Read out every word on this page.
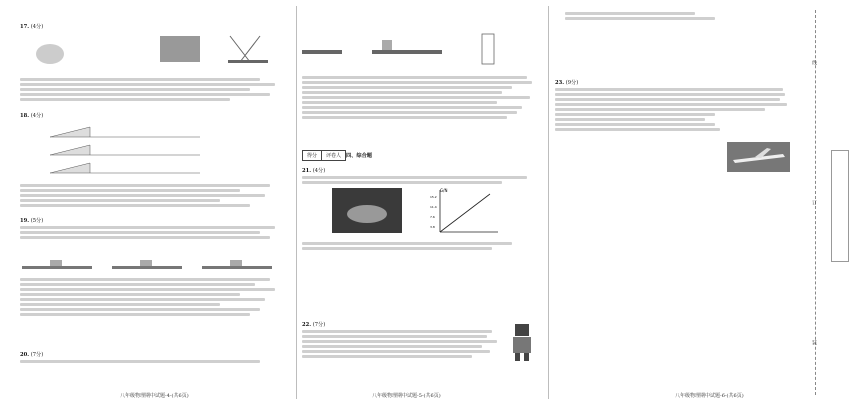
17. (4分)
18. (4分)
19. (5分)
20. (7分)
八年级物理期中试题-4-(共6页)
得分	评卷人 四、综合题
21. (4分)
G/N
15.2
11.4
7.6
3.8
22. (7分)
八年级物理期中试题-5-(共6页)
23. (9分)
八年级物理期中试题-6-(共6页)
线
订
装
